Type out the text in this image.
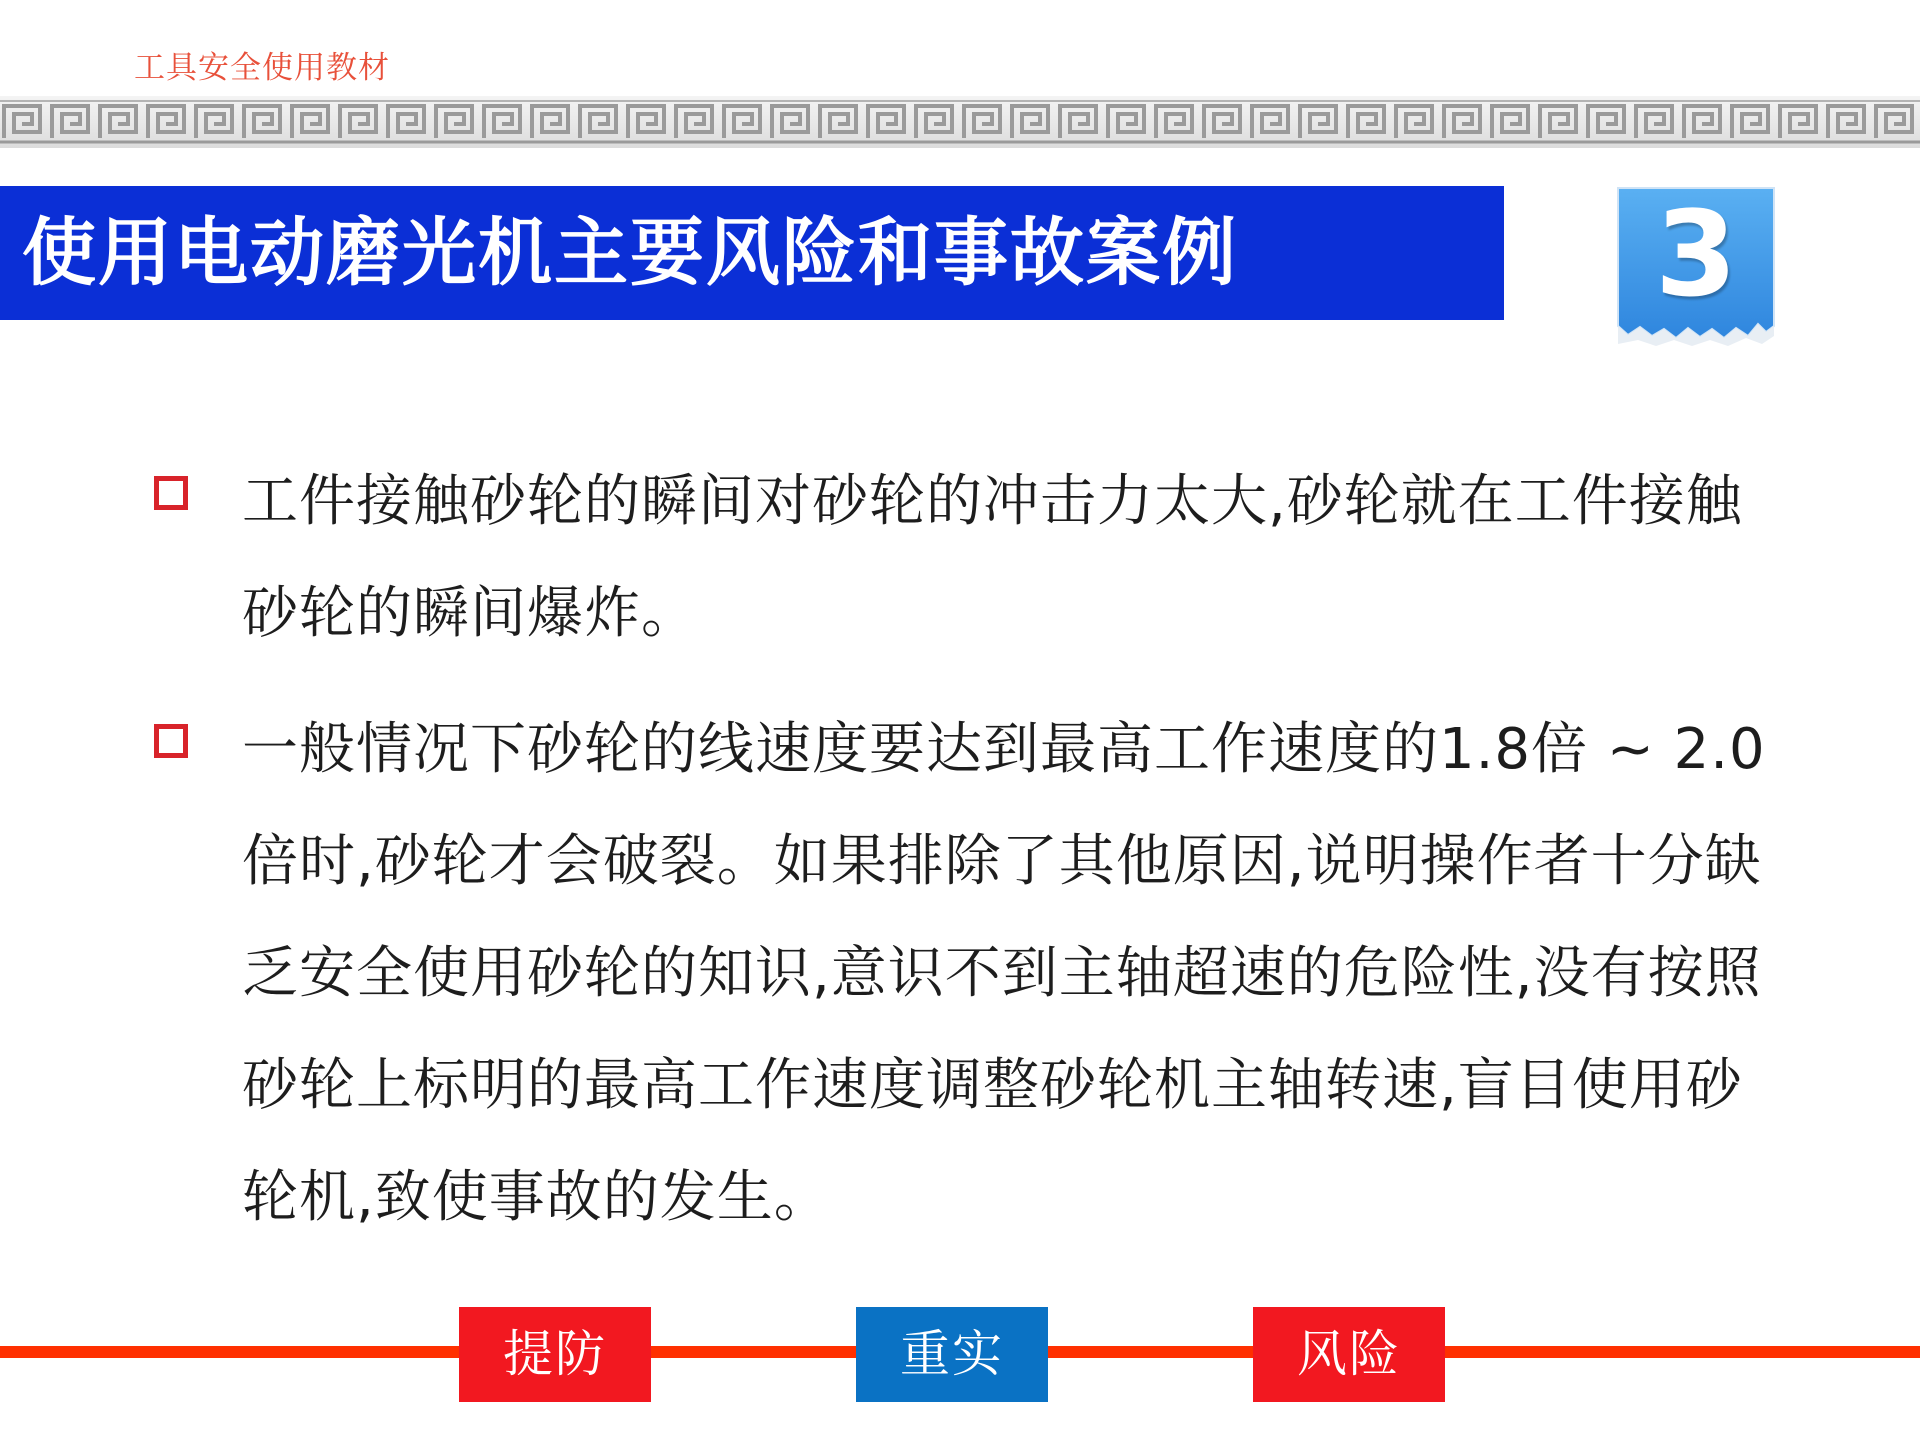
工具安全使用教材
使用电动磨光机主要风险和事故案例	3

工件接触砂轮的瞬间对砂轮的冲击力太大,砂轮就在工件接触砂轮的瞬间爆炸。

一般情况下砂轮的线速度要达到最高工作速度的1.8倍 ~ 2.0倍时,砂轮才会破裂。如果排除了其他原因,说明操作者十分缺乏安全使用砂轮的知识,意识不到主轴超速的危险性,没有按照砂轮上标明的最高工作速度调整砂轮机主轴转速,盲目使用砂轮机,致使事故的发生。

提防	重实	风险
